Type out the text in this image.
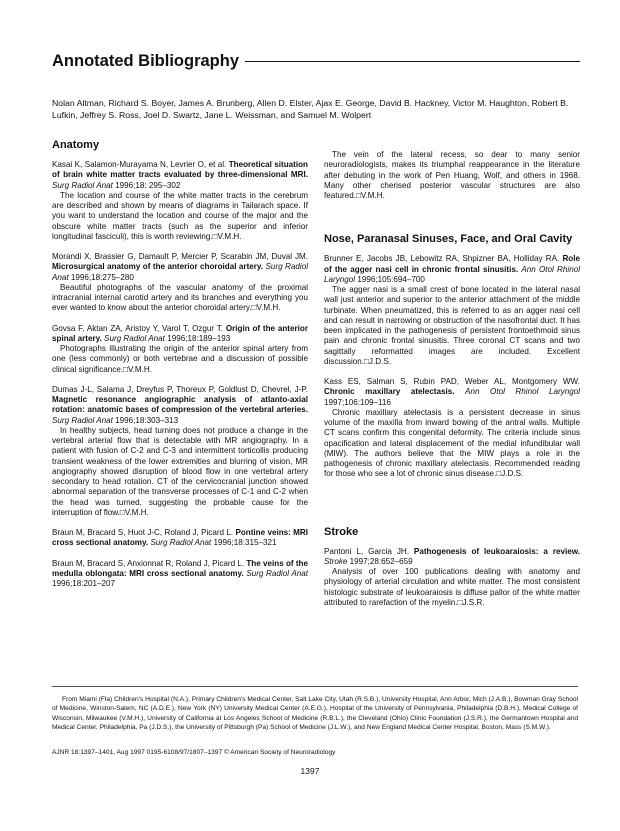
Annotated Bibliography
Nolan Altman, Richard S. Boyer, James A. Brunberg, Allen D. Elster, Ajax E. George, David B. Hackney, Victor M. Haughton, Robert B. Lufkin, Jeffrey S. Ross, Joel D. Swartz, Jane L. Weissman, and Samuel M. Wolpert
Anatomy

Kasai K, Salamon-Murayama N, Levrier O, et al. Theoretical situation of brain white matter tracts evaluated by three-dimensional MRI. Surg Radiol Anat 1996;18: 295–302

The location and course of the white matter tracts in the cerebrum are described and shown by means of diagrams in Tailarach space. If you want to understand the location and course of the major and the obscure white matter tracts (such as the superior and inferior longitudinal fasciculi), this is worth reviewing.□V.M.H.

Morandi X, Brassier G, Damault P, Mercier P, Scarabin JM, Duval JM. Microsurgical anatomy of the anterior choroidal artery. Surg Radiol Anat 1996;18:275–280

Beautiful photographs of the vascular anatomy of the proximal intracranial internal carotid artery and its branches and everything you ever wanted to know about the anterior choroidal artery.□V.M.H.

Govsa F, Aktan ZA, Aristoy Y, Varol T, Ozgur T. Origin of the anterior spinal artery. Surg Radiol Anat 1996;18:189–193

Photographs illustrating the origin of the anterior spinal artery from one (less commonly) or both vertebrae and a discussion of possible clinical significance.□V.M.H.

Dumas J-L, Salama J, Dreyfus P, Thoreux P, Goldlust D, Chevrel, J-P. Magnetic resonance angiographic analysis of atlanto-axial rotation: anatomic bases of compression of the vertebral arteries. Surg Radiol Anat 1996;18:303–313

In healthy subjects, head turning does not produce a change in the vertebral arterial flow that is detectable with MR angiography. In a patient with fusion of C-2 and C-3 and intermittent torticollis producing transient weakness of the lower extremities and blurring of vision, MR angiography showed disruption of blood flow in one vertebral artery secondary to head rotation. CT of the cervicocranial junction showed abnormal separation of the transverse processes of C-1 and C-2 when the head was turned, suggesting the probable cause for the interruption of flow.□V.M.H.

Braun M, Bracard S, Huot J-C, Roland J, Picard L. Pontine veins: MRI cross sectional anatomy. Surg Radiol Anat 1996;18:315–321

Braun M, Bracard S, Anxionnat R, Roland J, Picard L. The veins of the medulla oblongata: MRI cross sectional anatomy. Surg Radiol Anat 1996;18:201–207

The vein of the lateral recess, so dear to many senior neuroradiologists, makes its triumphal reappearance in the literature after debuting in the work of Pen Huang, Wolf, and others in 1968. Many other cherised posterior vascular structures are also featured.□V.M.H.

Nose, Paranasal Sinuses, Face, and Oral Cavity

Brunner E, Jacobs JB, Lebowitz RA, Shpizner BA, Holliday RA. Role of the agger nasi cell in chronic frontal sinusitis. Ann Otol Rhinol Laryngol 1996;105:694–700

The agger nasi is a small crest of bone located in the lateral nasal wall just anterior and superior to the anterior attachment of the middle turbinate. When pneumatized, this is referred to as an agger nasi cell and can result in narrowing or obstruction of the nasofrontal duct. It has been implicated in the pathogenesis of persistent frontoethmoid sinus pain and chronic frontal sinusitis. Three coronal CT scans and two sagittally reformatted images are included. Excellent discussion.□J.D.S.

Kass ES, Salman S, Rubin PAD, Weber AL, Montgomery WW. Chronic maxillary atelectasis. Ann Otol Rhinol Laryngol 1997;106:109–116

Chronic maxillary atelectasis is a persistent decrease in sinus volume of the maxilla from inward bowing of the antral walls. Multiple CT scans confirm this congenital deformity. The criteria include sinus opacification and lateral displacement of the medial infundibular wall (MIW). The authors believe that the MIW plays a role in the pathogenesis of chronic maxillary atelectasis. Recommended reading for those who see a lot of chronic sinus disease.□J.D.S.

Stroke

Pantoni L, Garcia JH. Pathogenesis of leukoaraiosis: a review. Stroke 1997;28:652–659

Analysis of over 100 publications dealing with anatomy and physiology of arterial circulation and white matter. The most consistent histologic substrate of leukoaraiosis is diffuse pallor of the white matter attributed to rarefaction of the myelin.□J.S.R.

From Miami (Fla) Children’s Hospital (N.A.), Primary Children’s Medical Center, Salt Lake City, Utah (R.S.B.), University Hospital, Ann Arbor, Mich (J.A.B.), Bowman Gray School of Medicine, Winston-Salem, NC (A.D.E.), New York (NY) University Medical Center (A.E.G.), Hospital of the University of Pennsylvania, Philadelphia (D.B.H.), Medical College of Wisconsin, Milwaukee (V.M.H.), University of California at Los Angeles School of Medicine (R.B.L.), the Cleveland (Ohio) Clinic Foundation (J.S.R.), the Germantown Hospital and Medical Center, Philadelphia, Pa (J.D.S.), the University of Pittsburgh (Pa) School of Medicine (J.L.W.), and New England Medical Center Hospital, Boston, Mass (S.M.W.).

AJNR 18:1397–1401, Aug 1997 0195-6108/97/1807–1397 © American Society of Neuroradiology
1397
